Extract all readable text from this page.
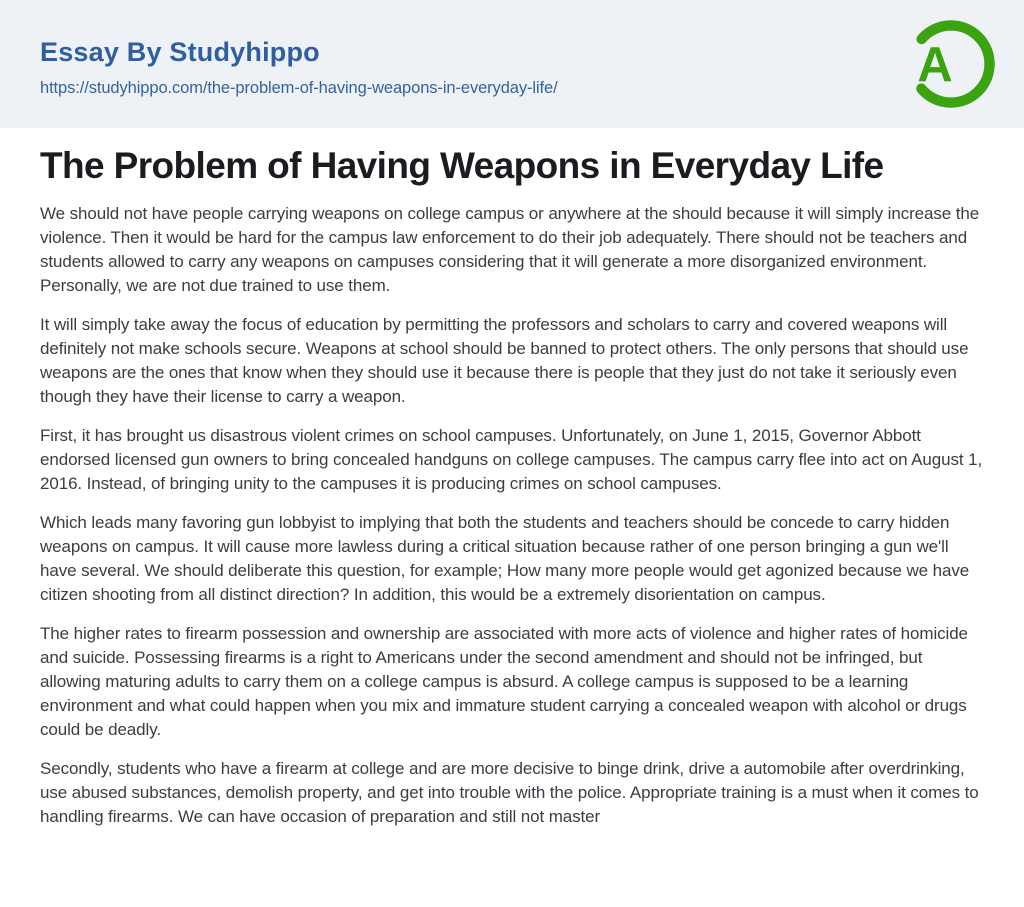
Essay By Studyhippo
https://studyhippo.com/the-problem-of-having-weapons-in-everyday-life/	A
The Problem of Having Weapons in Everyday Life

We should not have people carrying weapons on college campus or anywhere at the should because it will simply increase the violence. Then it would be hard for the campus law enforcement to do their job adequately. There should not be teachers and students allowed to carry any weapons on campuses considering that it will generate a more disorganized environment. Personally, we are not due trained to use them.

It will simply take away the focus of education by permitting the professors and scholars to carry and covered weapons will definitely not make schools secure. Weapons at school should be banned to protect others. The only persons that should use weapons are the ones that know when they should use it because there is people that they just do not take it seriously even though they have their license to carry a weapon.

First, it has brought us disastrous violent crimes on school campuses. Unfortunately, on June 1, 2015, Governor Abbott endorsed licensed gun owners to bring concealed handguns on college campuses. The campus carry flee into act on August 1, 2016. Instead, of bringing unity to the campuses it is producing crimes on school campuses.

Which leads many favoring gun lobbyist to implying that both the students and teachers should be concede to carry hidden weapons on campus. It will cause more lawless during a critical situation because rather of one person bringing a gun we'll have several. We should deliberate this question, for example; How many more people would get agonized because we have citizen shooting from all distinct direction? In addition, this would be a extremely disorientation on campus.

The higher rates to firearm possession and ownership are associated with more acts of violence and higher rates of homicide and suicide. Possessing firearms is a right to Americans under the second amendment and should not be infringed, but allowing maturing adults to carry them on a college campus is absurd. A college campus is supposed to be a learning environment and what could happen when you mix and immature student carrying a concealed weapon with alcohol or drugs could be deadly.

Secondly, students who have a firearm at college and are more decisive to binge drink, drive a automobile after overdrinking, use abused substances, demolish property, and get into trouble with the police. Appropriate training is a must when it comes to handling firearms. We can have occasion of preparation and still not master
